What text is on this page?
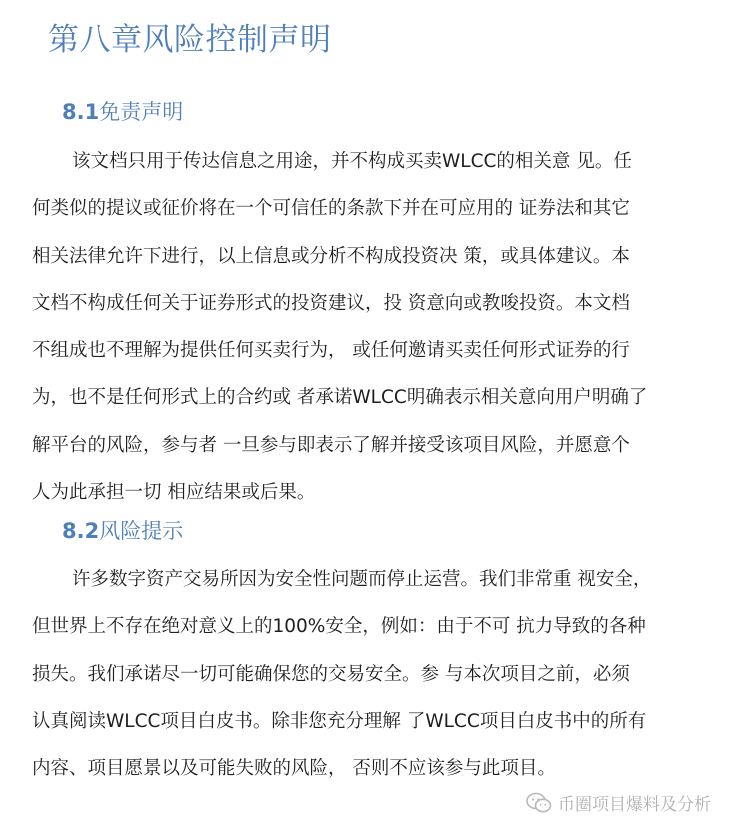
第八章风险控制声明
8.1免责声明

该文档只用于传达信息之用途，并不构成买卖WLCC的相关意 见。任
何类似的提议或征价将在一个可信任的条款下并在可应用的 证券法和其它
相关法律允许下进行，以上信息或分析不构成投资决 策，或具体建议。本
文档不构成任何关于证券形式的投资建议，投 资意向或教唆投资。本文档
不组成也不理解为提供任何买卖行为， 或任何邀请买卖任何形式证券的行
为，也不是任何形式上的合约或 者承诺WLCC明确表示相关意向用户明确了
解平台的风险，参与者 一旦参与即表示了解并接受该项目风险，并愿意个
人为此承担一切 相应结果或后果。

8.2风险提示

许多数字资产交易所因为安全性问题而停止运营。我们非常重 视安全，
但世界上不存在绝对意义上的100%安全，例如：由于不可 抗力导致的各种
损失。我们承诺尽一切可能确保您的交易安全。参 与本次项目之前，必须
认真阅读WLCC项目白皮书。除非您充分理解 了WLCC项目白皮书中的所有
内容、项目愿景以及可能失败的风险， 否则不应该参与此项目。

币圈项目爆料及分析
